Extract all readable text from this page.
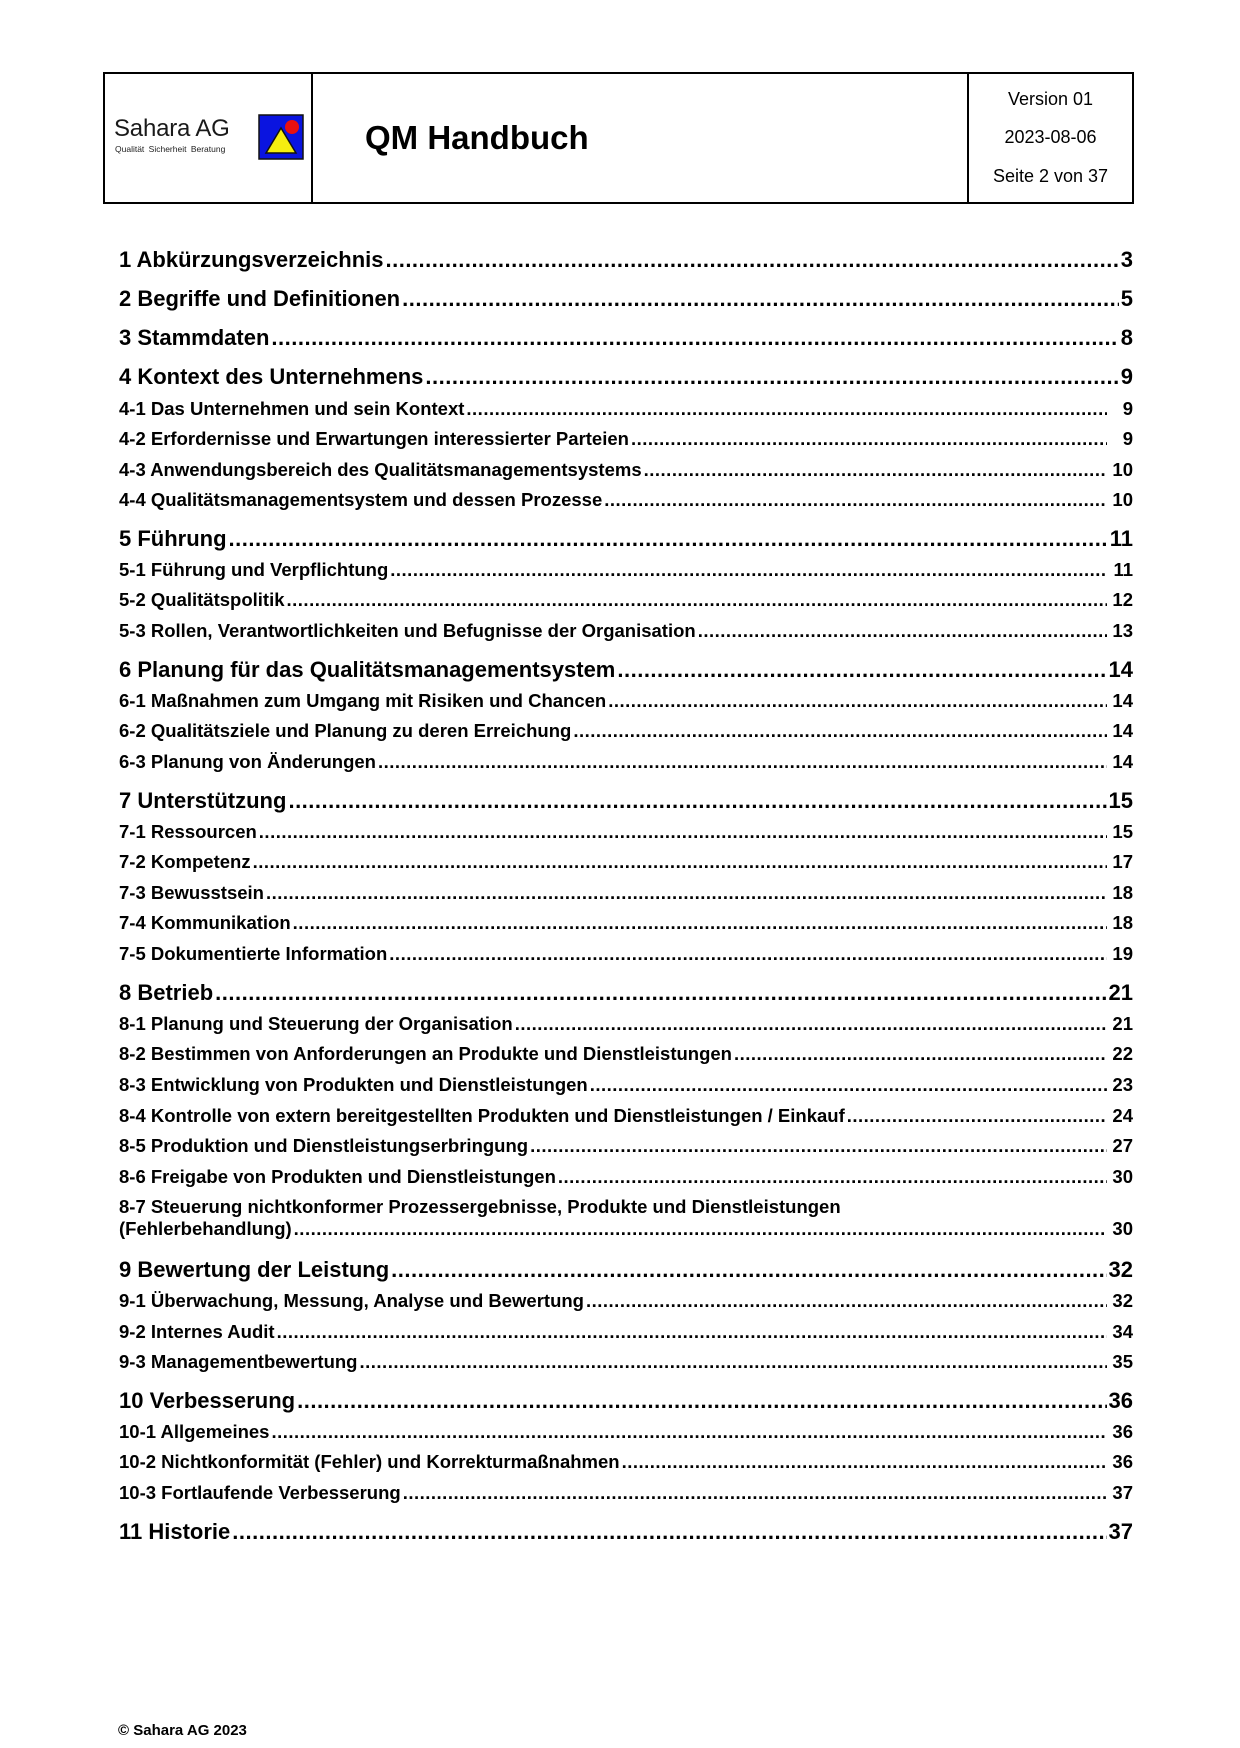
Sahara AG
Qualität Sicherheit Beratung	QM Handbuch
Version 01
2023-08-06
Seite 2 von 37
1 Abkürzungsverzeichnis .....	3
2 Begriffe und Definitionen .....	5
3 Stammdaten .....	8
4 Kontext des Unternehmens .....	9
4-1 Das Unternehmen und sein Kontext .....	9
4-2 Erfordernisse und Erwartungen interessierter Parteien .....	9
4-3 Anwendungsbereich des Qualitätsmanagementsystems .....	10
4-4 Qualitätsmanagementsystem und dessen Prozesse .....	10
5 Führung .....	11
5-1 Führung und Verpflichtung .....	11
5-2 Qualitätspolitik .....	12
5-3 Rollen, Verantwortlichkeiten und Befugnisse der Organisation .....	13
6 Planung für das Qualitätsmanagementsystem .....	14
6-1 Maßnahmen zum Umgang mit Risiken und Chancen .....	14
6-2 Qualitätsziele und Planung zu deren Erreichung .....	14
6-3 Planung von Änderungen .....	14
7 Unterstützung .....	15
7-1 Ressourcen .....	15
7-2 Kompetenz .....	17
7-3 Bewusstsein .....	18
7-4 Kommunikation .....	18
7-5 Dokumentierte Information .....	19
8 Betrieb .....	21
8-1 Planung und Steuerung der Organisation .....	21
8-2 Bestimmen von Anforderungen an Produkte und Dienstleistungen .....	22
8-3 Entwicklung von Produkten und Dienstleistungen .....	23
8-4 Kontrolle von extern bereitgestellten Produkten und Dienstleistungen / Einkauf .....	24
8-5 Produktion und Dienstleistungserbringung .....	27
8-6 Freigabe von Produkten und Dienstleistungen .....	30
8-7 Steuerung nichtkonformer Prozessergebnisse, Produkte und Dienstleistungen
(Fehlerbehandlung) .....	30
9 Bewertung der Leistung .....	32
9-1 Überwachung, Messung, Analyse und Bewertung .....	32
9-2 Internes Audit .....	34
9-3 Managementbewertung .....	35
10 Verbesserung .....	36
10-1 Allgemeines .....	36
10-2 Nichtkonformität (Fehler) und Korrekturmaßnahmen .....	36
10-3 Fortlaufende Verbesserung .....	37
11 Historie .....	37
© Sahara AG 2023
